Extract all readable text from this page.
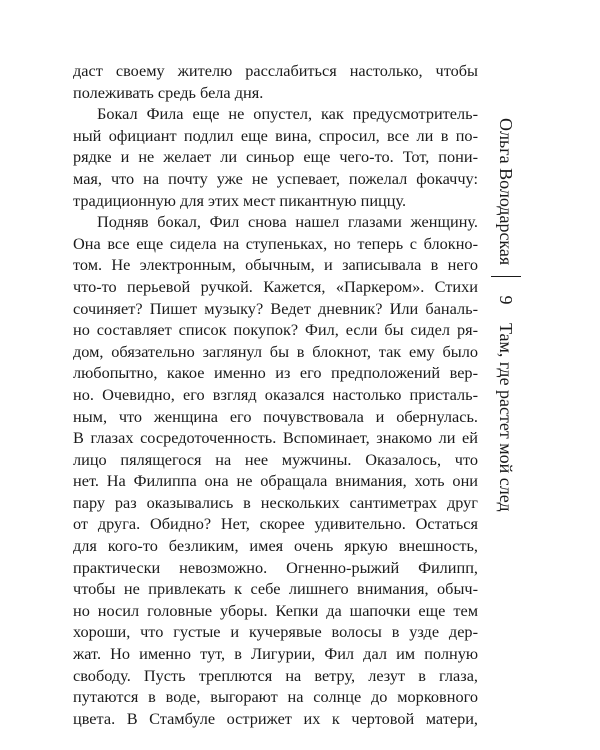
даст своему жителю расслабиться настолько, чтобы
полеживать средь бела дня.
Бокал Фила еще не опустел, как предусмотритель-
ный официант подлил еще вина, спросил, все ли в по-
рядке и не желает ли синьор еще чего-то. Тот, пони-
мая, что на почту уже не успевает, пожелал фокаччу:
традиционную для этих мест пикантную пиццу.
Подняв бокал, Фил снова нашел глазами женщину.
Она все еще сидела на ступеньках, но теперь с блокно-
том. Не электронным, обычным, и записывала в него
что-то перьевой ручкой. Кажется, «Паркером». Стихи
сочиняет? Пишет музыку? Ведет дневник? Или баналь-
но составляет список покупок? Фил, если бы сидел ря-
дом, обязательно заглянул бы в блокнот, так ему было
любопытно, какое именно из его предположений вер-
но. Очевидно, его взгляд оказался настолько присталь-
ным, что женщина его почувствовала и обернулась.
В глазах сосредоточенность. Вспоминает, знакомо ли ей
лицо пялящегося на нее мужчины. Оказалось, что
нет. На Филиппа она не обращала внимания, хоть они
пару раз оказывались в нескольких сантиметрах друг
от друга. Обидно? Нет, скорее удивительно. Остаться
для кого-то безликим, имея очень яркую внешность,
практически невозможно. Огненно-рыжий Филипп,
чтобы не привлекать к себе лишнего внимания, обыч-
но носил головные уборы. Кепки да шапочки еще тем
хороши, что густые и кучерявые волосы в узде дер-
жат. Но именно тут, в Лигурии, Фил дал им полную
свободу. Пусть треплются на ветру, лезут в глаза,
путаются в воде, выгорают на солнце до морковного
цвета. В Стамбуле острижет их к чертовой матери,
Ольга Володарская
9
Там, где растет мой след
